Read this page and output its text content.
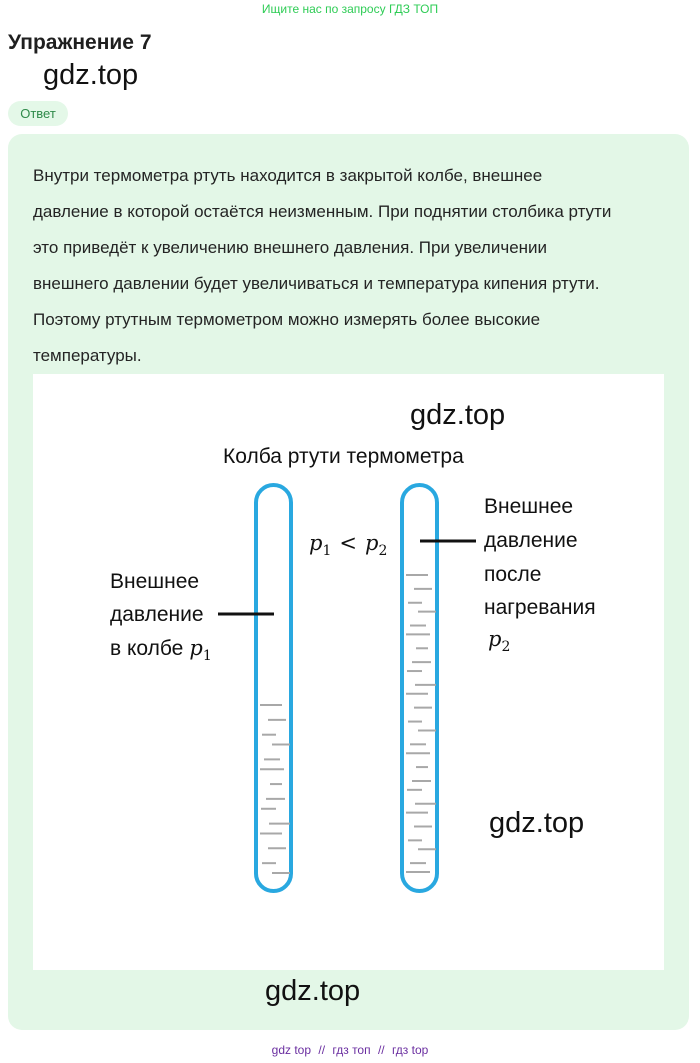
Ищите нас по запросу ГДЗ ТОП
Упражнение 7
gdz.top
Ответ
Внутри термометра ртуть находится в закрытой колбе, внешнее
давление в которой остаётся неизменным. При поднятии столбика ртути
это приведёт к увеличению внешнего давления. При увеличении
внешнего давлении будет увеличиваться и температура кипения ртути.
Поэтому ртутным термометром можно измерять более высокие
температуры.
gdz.top
gdz.top
Колба ртути термометра
$p_1 < p_2$
Внешнее
давление
в колбе $p_1$
Внешнее
давление
после
нагревания
$p_2$
gdz.top
gdz top // гдз топ // гдз top
